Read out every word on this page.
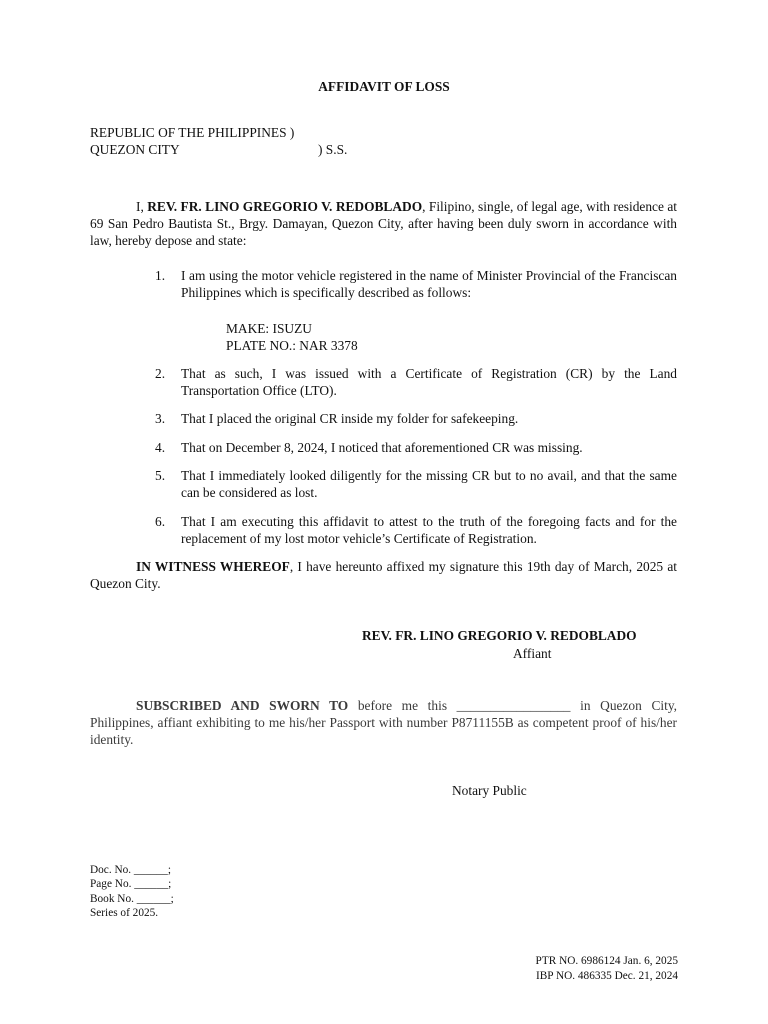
AFFIDAVIT OF LOSS
REPUBLIC OF THE PHILIPPINES )
QUEZON CITY	) S.S.
I, REV. FR. LINO GREGORIO V. REDOBLADO, Filipino, single, of legal age, with residence at 69 San Pedro Bautista St., Brgy. Damayan, Quezon City, after having been duly sworn in accordance with law, hereby depose and state:
1.	I am using the motor vehicle registered in the name of Minister Provincial of the Franciscan Philippines which is specifically described as follows:
MAKE: ISUZU
PLATE NO.: NAR 3378
2.	That as such, I was issued with a Certificate of Registration (CR) by the Land Transportation Office (LTO).
3.	That I placed the original CR inside my folder for safekeeping.
4.	That on December 8, 2024, I noticed that aforementioned CR was missing.
5.	That I immediately looked diligently for the missing CR but to no avail, and that the same can be considered as lost.
6.	That I am executing this affidavit to attest to the truth of the foregoing facts and for the replacement of my lost motor vehicle’s Certificate of Registration.
IN WITNESS WHEREOF, I have hereunto affixed my signature this 19th day of March, 2025 at Quezon City.
REV. FR. LINO GREGORIO V. REDOBLADO
Affiant
SUBSCRIBED AND SWORN TO before me this _________________ in Quezon City, Philippines, affiant exhibiting to me his/her Passport with number P8711155B as competent proof of his/her identity.
Notary Public
Doc. No. ______;
Page No. ______;
Book No. ______;
Series of 2025.
PTR NO. 6986124 Jan. 6, 2025
IBP NO. 486335 Dec. 21, 2024
